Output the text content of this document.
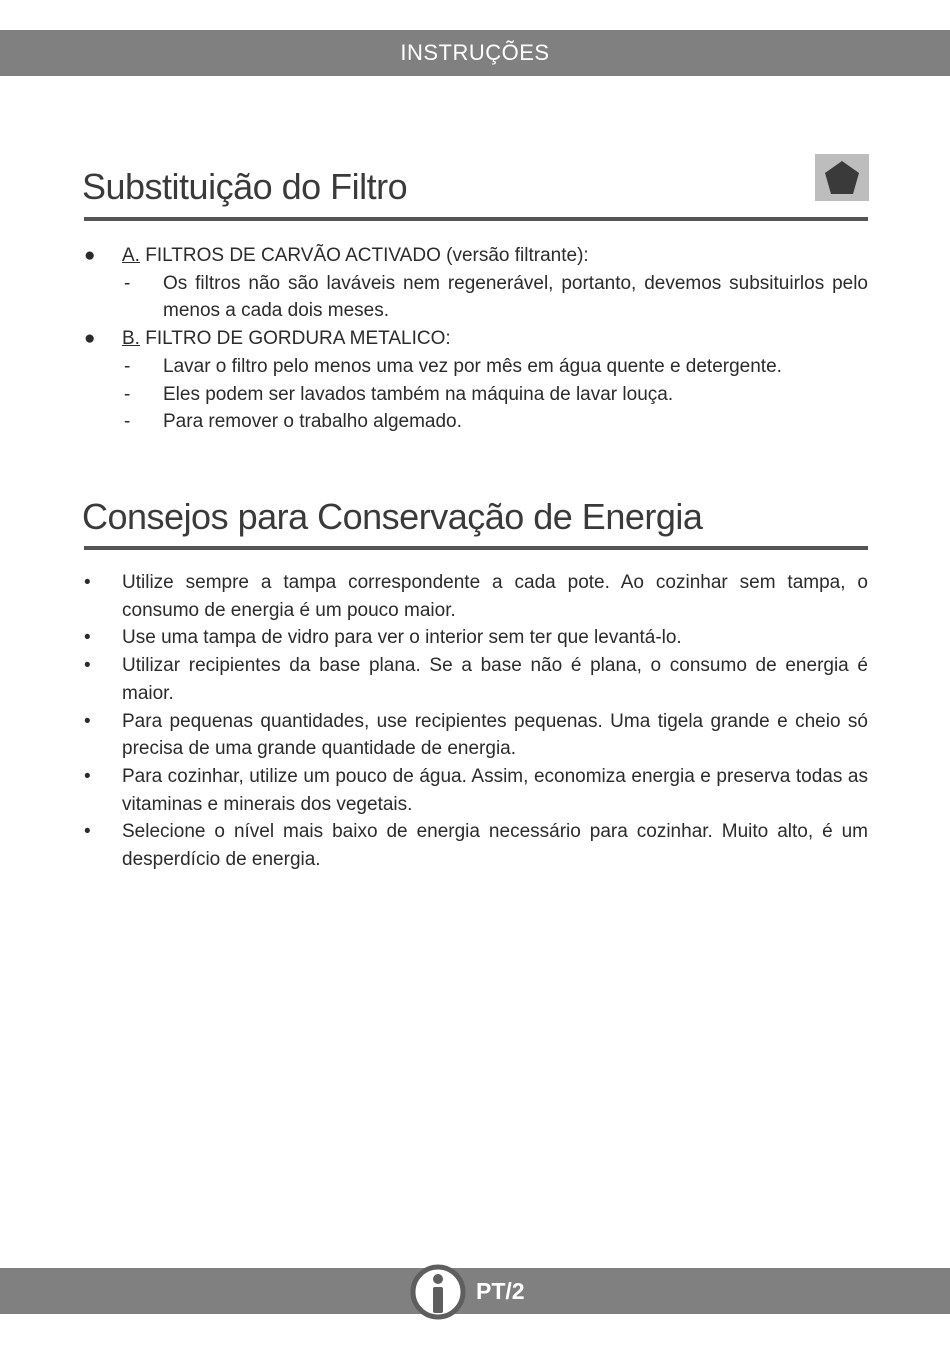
INSTRUÇÕES
Substituição do Filtro
● A. FILTROS DE CARVÃO ACTIVADO (versão filtrante):
- Os filtros não são laváveis nem regenerável, portanto, devemos subsituirlos pelo menos a cada dois meses.
● B. FILTRO DE GORDURA METALICO:
- Lavar o filtro pelo menos uma vez por mês em água quente e detergente.
- Eles podem ser lavados também na máquina de lavar louça.
- Para remover o trabalho algemado.
Consejos para Conservação de Energia
• Utilize sempre a tampa correspondente a cada pote. Ao cozinhar sem tampa, o consumo de energia é um pouco maior.
• Use uma tampa de vidro para ver o interior sem ter que levantá-lo.
• Utilizar recipientes da base plana. Se a base não é plana, o consumo de energia é maior.
• Para pequenas quantidades, use recipientes pequenas. Uma tigela grande e cheio só precisa de uma grande quantidade de energia.
• Para cozinhar, utilize um pouco de água. Assim, economiza energia e preserva todas as vitaminas e minerais dos vegetais.
• Selecione o nível mais baixo de energia necessário para cozinhar. Muito alto, é um desperdício de energia.
PT/2
